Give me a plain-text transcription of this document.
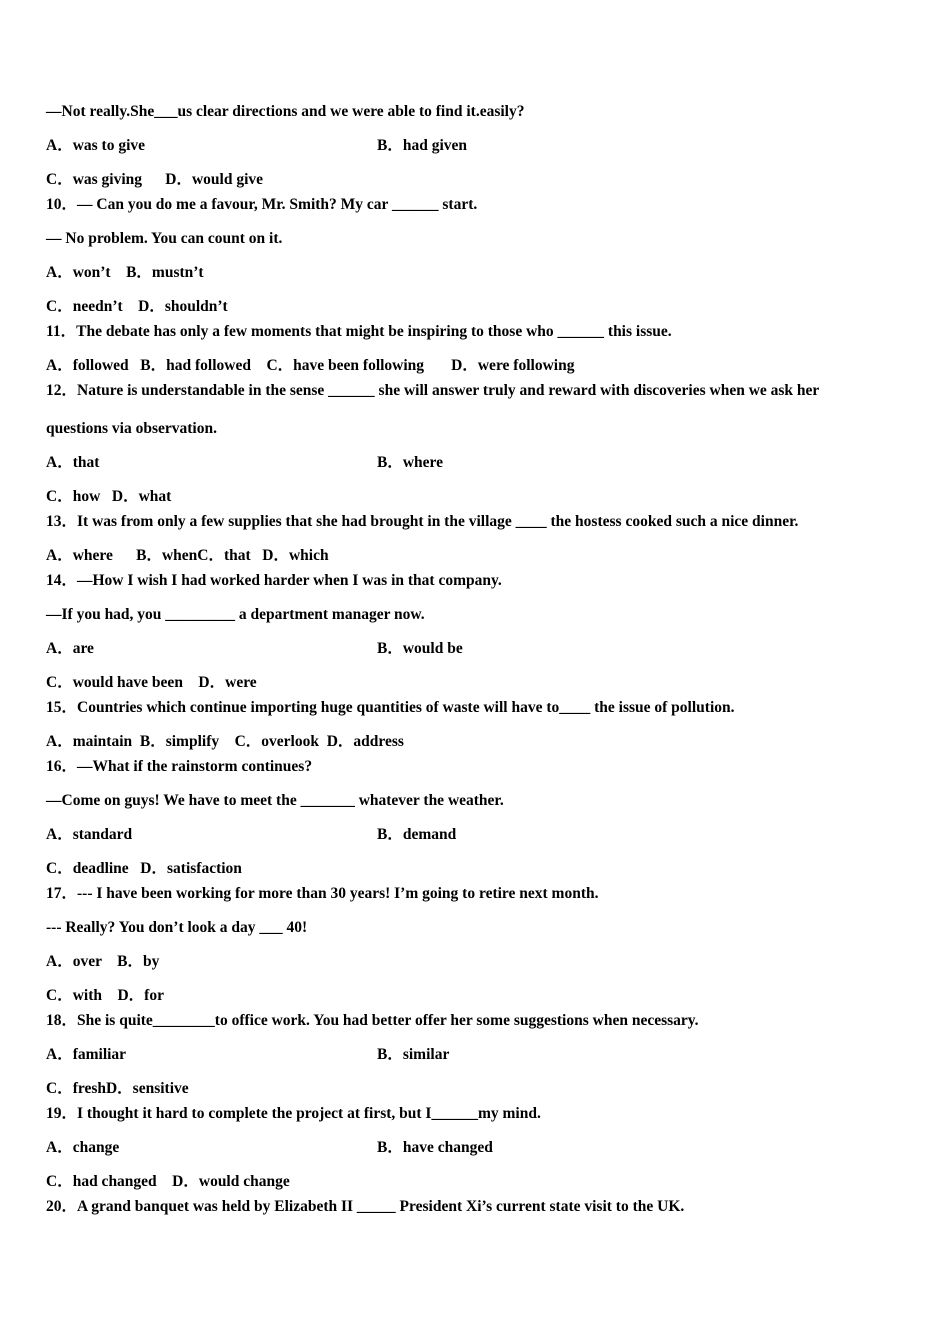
—Not really.She___us clear directions and we were able to find it.easily?
A．was to give	B．had given
C．was giving      D．would give
10．— Can you do me a favour, Mr. Smith? My car ______ start.
— No problem. You can count on it.
A．won’t    B．mustn’t
C．needn’t    D．shouldn’t
11．The debate has only a few moments that might be inspiring to those who ______ this issue.
A．followed   B．had followed    C．have been following       D．were following
12．Nature is understandable in the sense ______ she will answer truly and reward with discoveries when we ask her
questions via observation.
A．that	B．where
C．how   D．what
13．It was from only a few supplies that she had brought in the village ____ the hostess cooked such a nice dinner.
A．where      B．whenC．that   D．which
14．—How I wish I had worked harder when I was in that company.
—If you had, you _________ a department manager now.
A．are	B．would be
C．would have been    D．were
15．Countries which continue importing huge quantities of waste will have to____ the issue of pollution.
A．maintain  B．simplify    C．overlook  D．address
16．—What if the rainstorm continues?
—Come on guys! We have to meet the _______ whatever the weather.
A．standard	B．demand
C．deadline   D．satisfaction
17．--- I have been working for more than 30 years! I’m going to retire next month.
--- Really? You don’t look a day ___ 40!
A．over    B．by
C．with    D．for
18．She is quite________to office work. You had better offer her some suggestions when necessary.
A．familiar	B．similar
C．freshD．sensitive
19．I thought it hard to complete the project at first, but I______my mind.
A．change	B．have changed
C．had changed    D．would change
20．A grand banquet was held by Elizabeth II _____ President Xi’s current state visit to the UK.
